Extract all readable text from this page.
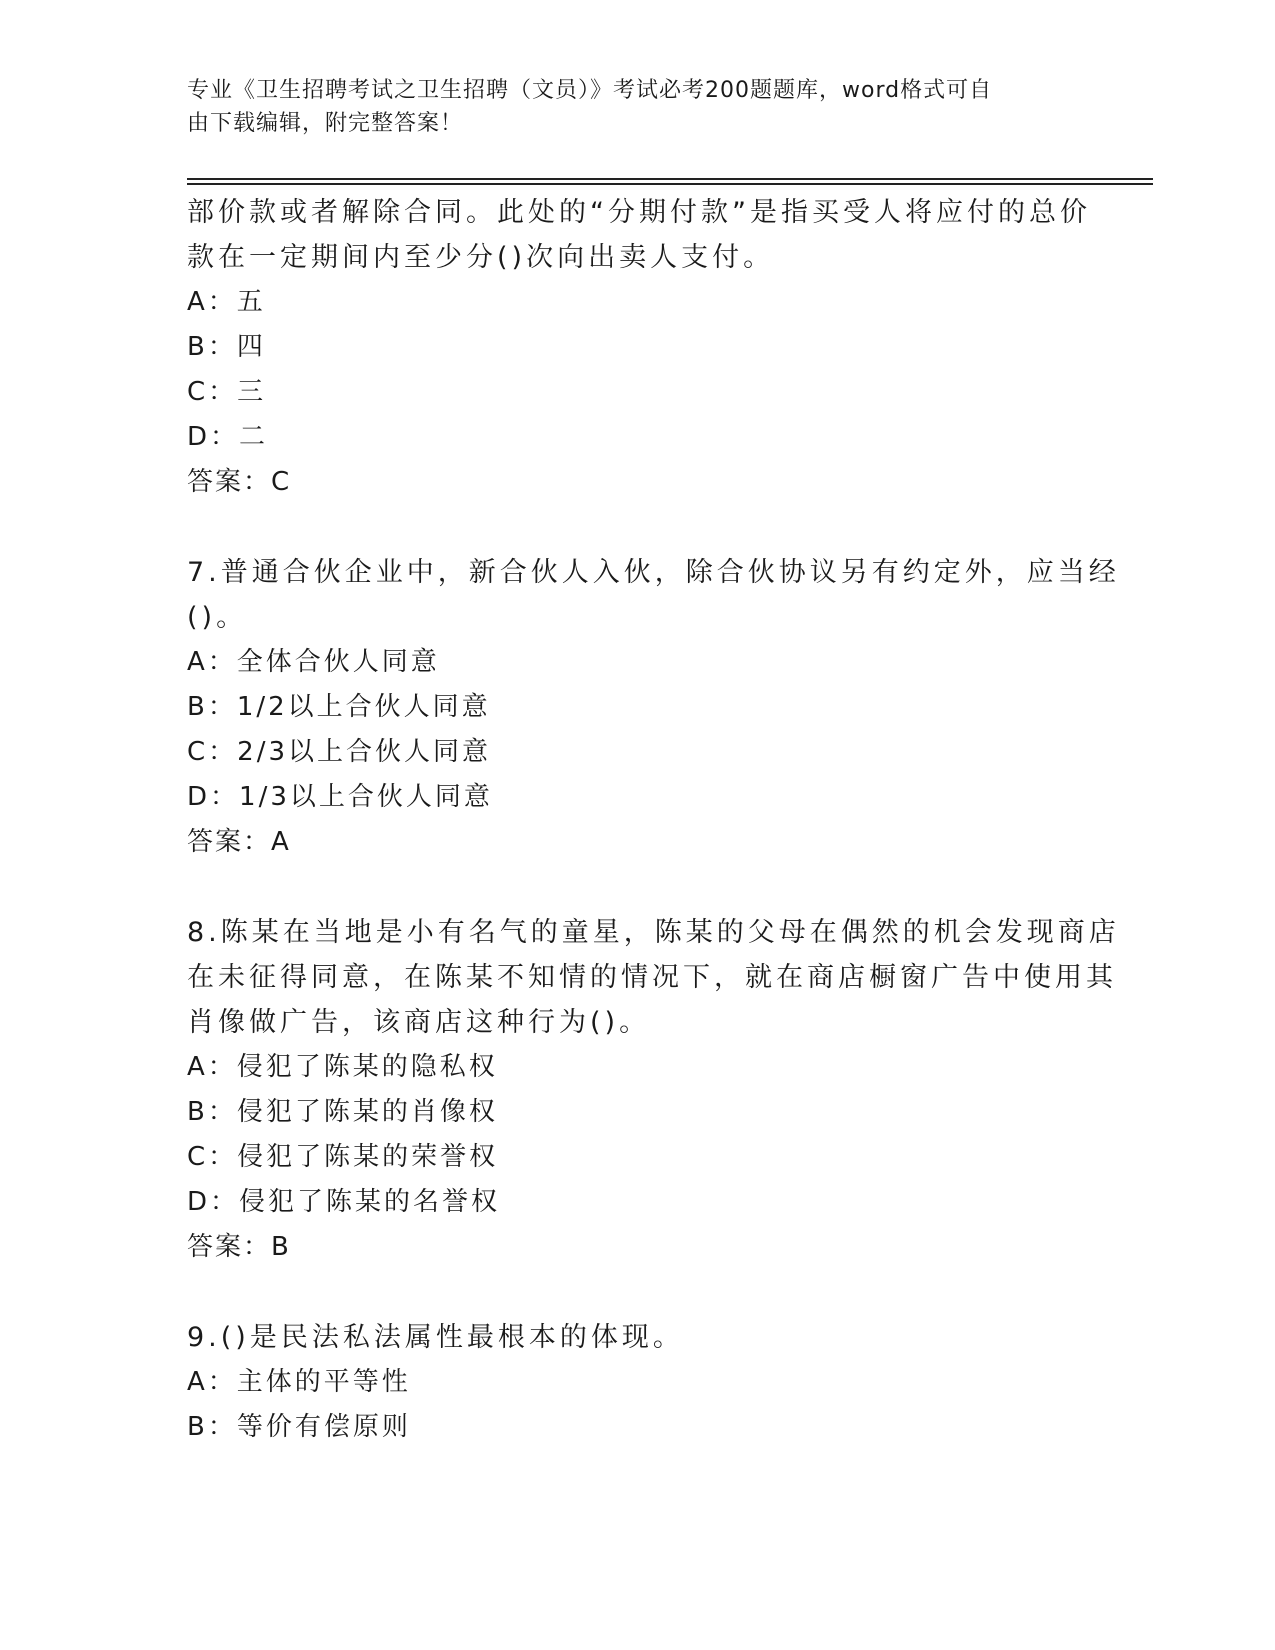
专业《卫生招聘考试之卫生招聘（文员）》考试必考200题题库，word格式可自
由下载编辑，附完整答案！
部价款或者解除合同。此处的“分期付款”是指买受人将应付的总价
款在一定期间内至少分()次向出卖人支付。
A：五
B：四
C：三
D：二
答案：C
7.普通合伙企业中，新合伙人入伙，除合伙协议另有约定外，应当经
()。
A：全体合伙人同意
B：1/2以上合伙人同意
C：2/3以上合伙人同意
D：1/3以上合伙人同意
答案：A
8.陈某在当地是小有名气的童星，陈某的父母在偶然的机会发现商店
在未征得同意，在陈某不知情的情况下，就在商店橱窗广告中使用其
肖像做广告，该商店这种行为()。
A：侵犯了陈某的隐私权
B：侵犯了陈某的肖像权
C：侵犯了陈某的荣誉权
D：侵犯了陈某的名誉权
答案：B
9.()是民法私法属性最根本的体现。
A：主体的平等性
B：等价有偿原则
